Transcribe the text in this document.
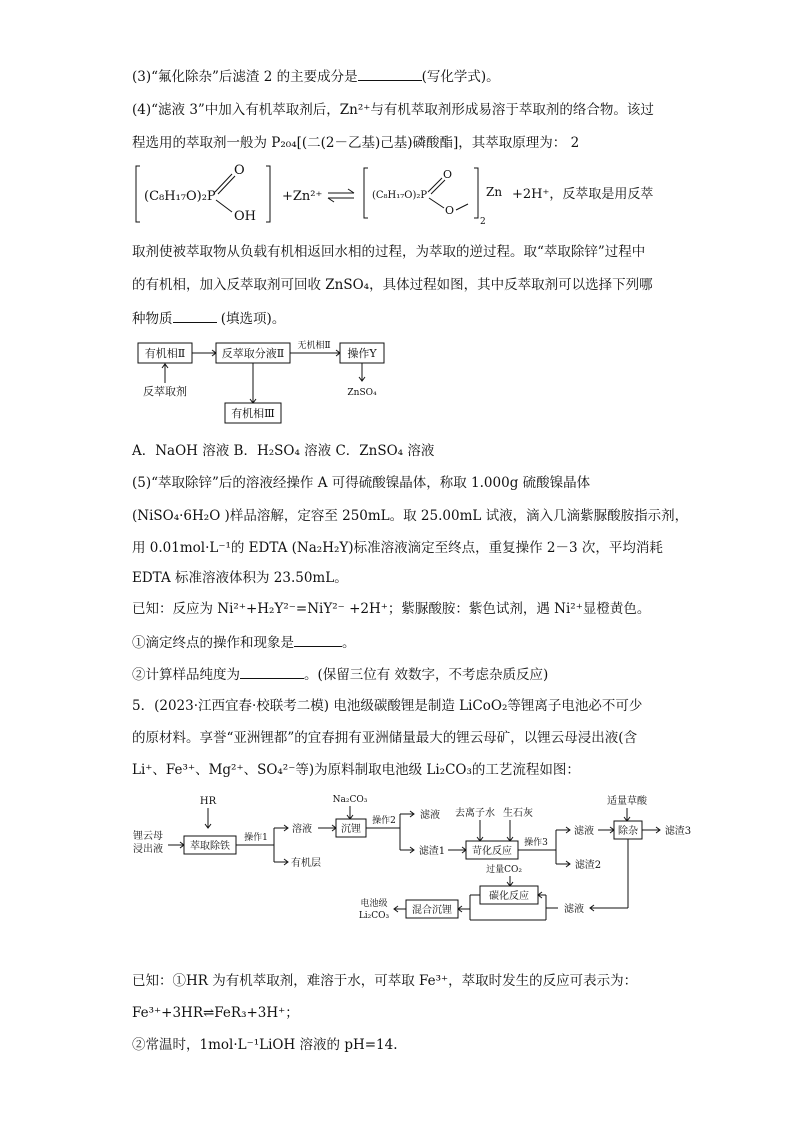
(3)“氟化除杂”后滤渣 2 的主要成分是	(写化学式)。
(4)“滤液 3”中加入有机萃取剂后，Zn²⁺与有机萃取剂形成易溶于萃取剂的络合物。该过
程选用的萃取剂一般为 P₂₀₄[(二(2－乙基)己基)磷酸酯]，其萃取原理为： 2
(C₈H₁₇O)₂P
O
OH
+Zn²⁺	(C₈H₁₇O)₂P
O
O
2
Zn +2H⁺，反萃取是用反萃
取剂使被萃取物从负载有机相返回水相的过程，为萃取的逆过程。取“萃取除锌”过程中
的有机相，加入反萃取剂可回收 ZnSO₄，具体过程如图，其中反萃取剂可以选择下列哪
种物质	(填选项)。
有机相Ⅱ	反萃取分液Ⅱ
无机相Ⅱ
操作Y
反萃取剂
有机相Ⅲ
ZnSO₄
A．NaOH 溶液 B．H₂SO₄ 溶液 C．ZnSO₄ 溶液
(5)“萃取除锌”后的溶液经操作 A 可得硫酸镍晶体，称取 1.000g 硫酸镍晶体
(NiSO₄·6H₂O )样品溶解，定容至 250mL。取 25.00mL 试液，滴入几滴紫脲酸胺指示剂，
用 0.01mol·L⁻¹的 EDTA (Na₂H₂Y)标准溶液滴定至终点，重复操作 2－3 次，平均消耗
EDTA 标准溶液体积为 23.50mL。
已知：反应为 Ni²⁺+H₂Y²⁻=NiY²⁻ +2H⁺；紫脲酸胺：紫色试剂，遇 Ni²⁺显橙黄色。
①滴定终点的操作和现象是	。
②计算样品纯度为	。(保留三位有 效数字，不考虑杂质反应)
5．(2023·江西宜春·校联考二模) 电池级碳酸锂是制造 LiCoO₂等锂离子电池必不可少
的原材料。享誉“亚洲锂都”的宜春拥有亚洲储量最大的锂云母矿，以锂云母浸出液(含
Li⁺、Fe³⁺、Mg²⁺、SO₄²⁻等)为原料制取电池级 Li₂CO₃的工艺流程如图：
HR
锂云母
浸出液	萃取除铁
操作1
溶液
有机层
Na₂CO₃
沉锂
操作2 滤液
滤渣1
去离子水 生石灰
苛化反应
操作3
滤液
滤渣2
适量草酸
除杂	滤渣3
滤液
过量CO₂
碳化反应
混合沉锂
电池级
Li₂CO₃
已知：①HR 为有机萃取剂，难溶于水，可萃取 Fe³⁺，萃取时发生的反应可表示为：
Fe³⁺+3HR⇌FeR₃+3H⁺；
②常温时，1mol·L⁻¹LiOH 溶液的 pH=14.
